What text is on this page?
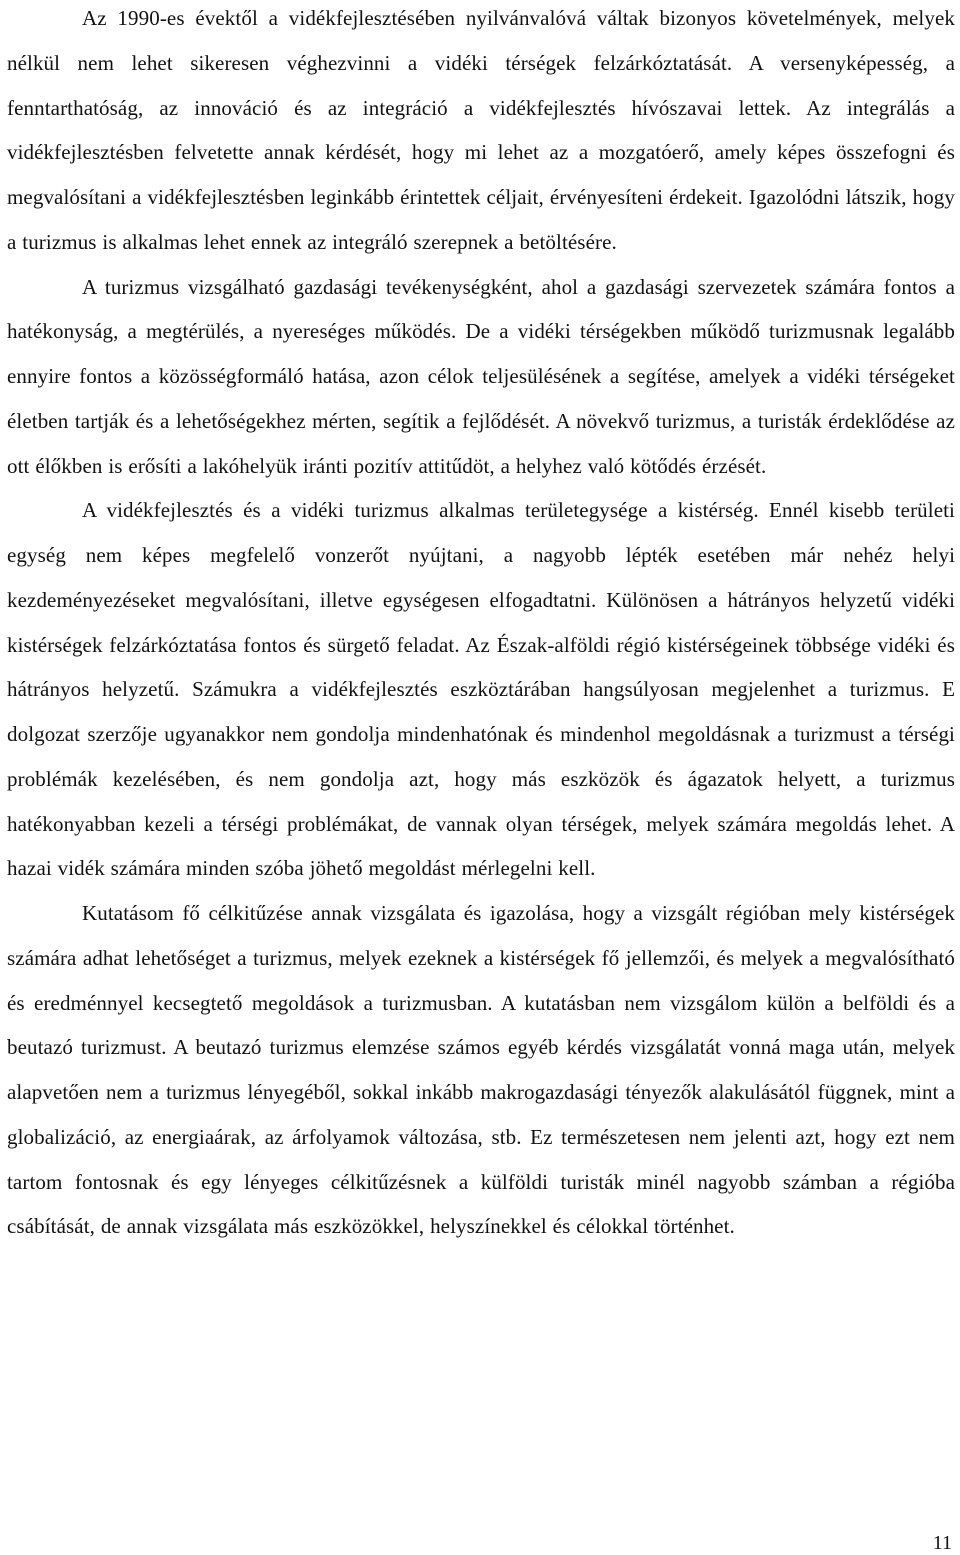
Az 1990-es évektől a vidékfejlesztésében nyilvánvalóvá váltak bizonyos követelmények, melyek nélkül nem lehet sikeresen véghezvinni a vidéki térségek felzárkóztatását. A versenyképesség, a fenntarthatóság, az innováció és az integráció a vidékfejlesztés hívószavai lettek. Az integrálás a vidékfejlesztésben felvetette annak kérdését, hogy mi lehet az a mozgatóerő, amely képes összefogni és megvalósítani a vidékfejlesztésben leginkább érintettek céljait, érvényesíteni érdekeit. Igazolódni látszik, hogy a turizmus is alkalmas lehet ennek az integráló szerepnek a betöltésére.

A turizmus vizsgálható gazdasági tevékenységként, ahol a gazdasági szervezetek számára fontos a hatékonyság, a megtérülés, a nyereséges működés. De a vidéki térségekben működő turizmusnak legalább ennyire fontos a közösségformáló hatása, azon célok teljesülésének a segítése, amelyek a vidéki térségeket életben tartják és a lehetőségekhez mérten, segítik a fejlődését. A növekvő turizmus, a turisták érdeklődése az ott élőkben is erősíti a lakóhelyük iránti pozitív attitűdöt, a helyhez való kötődés érzését.

A vidékfejlesztés és a vidéki turizmus alkalmas területegysége a kistérség. Ennél kisebb területi egység nem képes megfelelő vonzerőt nyújtani, a nagyobb lépték esetében már nehéz helyi kezdeményezéseket megvalósítani, illetve egységesen elfogadtatni. Különösen a hátrányos helyzetű vidéki kistérségek felzárkóztatása fontos és sürgető feladat. Az Észak-alföldi régió kistérségeinek többsége vidéki és hátrányos helyzetű. Számukra a vidékfejlesztés eszköztárában hangsúlyosan megjelenhet a turizmus. E dolgozat szerzője ugyanakkor nem gondolja mindenhatónak és mindenhol megoldásnak a turizmust a térségi problémák kezelésében, és nem gondolja azt, hogy más eszközök és ágazatok helyett, a turizmus hatékonyabban kezeli a térségi problémákat, de vannak olyan térségek, melyek számára megoldás lehet. A hazai vidék számára minden szóba jöhető megoldást mérlegelni kell.

Kutatásom fő célkitűzése annak vizsgálata és igazolása, hogy a vizsgált régióban mely kistérségek számára adhat lehetőséget a turizmus, melyek ezeknek a kistérségek fő jellemzői, és melyek a megvalósítható és eredménnyel kecsegtető megoldások a turizmusban. A kutatásban nem vizsgálom külön a belföldi és a beutazó turizmust. A beutazó turizmus elemzése számos egyéb kérdés vizsgálatát vonná maga után, melyek alapvetően nem a turizmus lényegéből, sokkal inkább makrogazdasági tényezők alakulásától függnek, mint a globalizáció, az energiaárak, az árfolyamok változása, stb. Ez természetesen nem jelenti azt, hogy ezt nem tartom fontosnak és egy lényeges célkitűzésnek a külföldi turisták minél nagyobb számban a régióba csábítását, de annak vizsgálata más eszközökkel, helyszínekkel és célokkal történhet.

11
